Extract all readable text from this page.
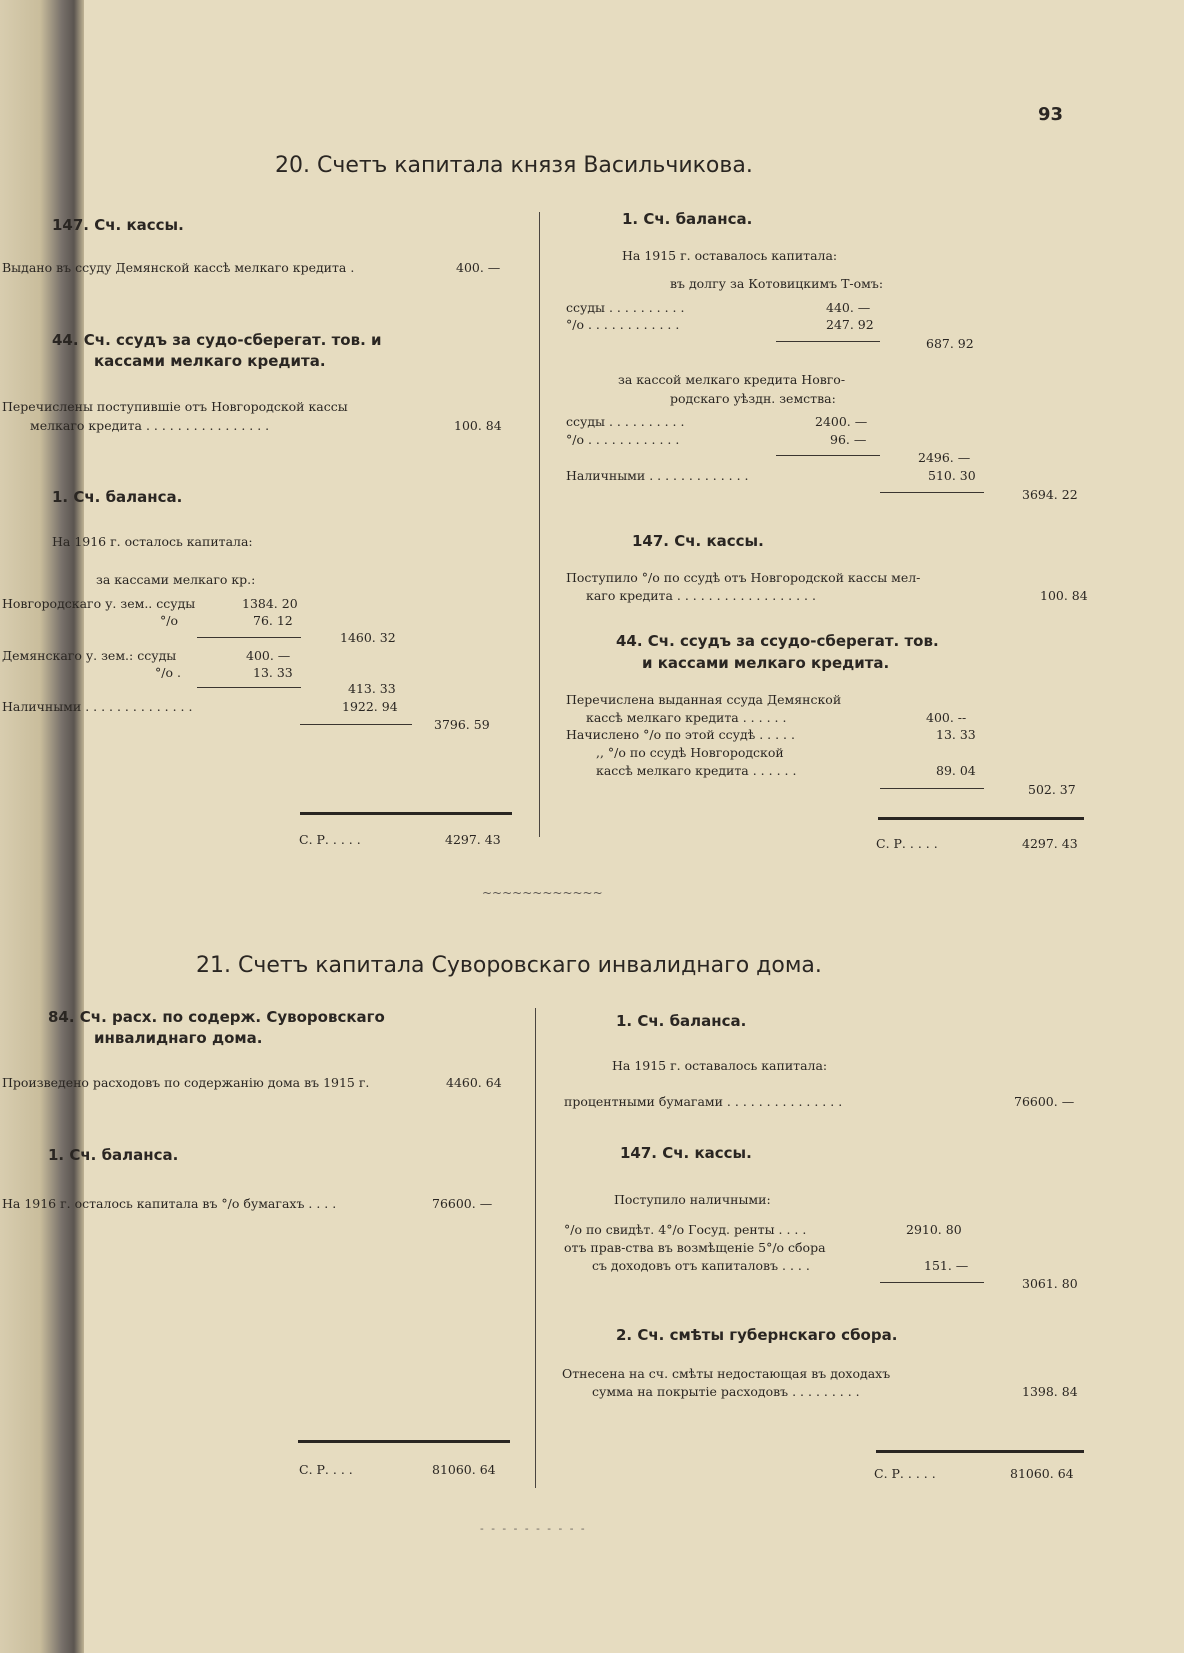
93
20. Счетъ капитала князя Васильчикова.
147. Сч. кассы.
Выдано въ ссуду Демянской кассѣ мелкаго кредита .	400. —
44. Сч. ссудъ за судо-сберегат. тов. и
кассами мелкаго кредита.
Перечислены поступившіе отъ Новгородской кассы
мелкаго кредита . . . . . . . . . . . . . . . .	100. 84
1. Сч. баланса.
На 1916 г. осталось капитала:
за кассами мелкаго кр.:
Новгородскаго у. зем.. ссуды	1384. 20
°/о	76. 12
1460. 32
Демянскаго у. зем.: ссуды	400. —
°/о .	13. 33
413. 33
Наличными . . . . . . . . . . . . . .	1922. 94
3796. 59
С. Р. . . . .	4297. 43
1. Сч. баланса.
На 1915 г. оставалось капитала:
въ долгу за Котовицкимъ Т-омъ:
ссуды . . . . . . . . . .	440. —
°/о . . . . . . . . . . . .	247. 92
687. 92
за кассой мелкаго кредита Новго-
родскаго уѣздн. земства:
ссуды . . . . . . . . . .	2400. —
°/о . . . . . . . . . . . .	96. —
2496. —
Наличными . . . . . . . . . . . . .	510. 30
3694. 22
147. Сч. кассы.
Поступило °/о по ссудѣ отъ Новгородской кассы мел-
каго кредита . . . . . . . . . . . . . . . . . .	100. 84
44. Сч. ссудъ за ссудо-сберегат. тов.
и кассами мелкаго кредита.
Перечислена выданная ссуда Демянской
кассѣ мелкаго кредита . . . . . .	400. --
Начислено °/о по этой ссудѣ . . . . .	13. 33
,, °/о по ссудѣ Новгородской
кассѣ мелкаго кредита . . . . . .	89. 04
502. 37
С. Р. . . . .	4297. 43
~~~~~~~~~~~~
21. Счетъ капитала Суворовскаго инвалиднаго дома.
84. Сч. расх. по содерж. Суворовскаго
инвалиднаго дома.
Произведено расходовъ по содержанію дома въ 1915 г.	4460. 64
1. Сч. баланса.
На 1916 г. осталось капитала въ °/о бумагахъ . . . .	76600. —
С. Р. . . .	81060. 64
1. Сч. баланса.
На 1915 г. оставалось капитала:
процентными бумагами . . . . . . . . . . . . . . .	76600. —
147. Сч. кассы.
Поступило наличными:
°/о по свидѣт. 4°/о Госуд. ренты . . . .	2910. 80
отъ прав-ства въ возмѣщеніе 5°/о сбора
съ доходовъ отъ капиталовъ . . . .	151. —
3061. 80
2. Сч. смѣты губернскаго сбора.
Отнесена на сч. смѣты недостающая въ доходахъ
сумма на покрытіе расходовъ . . . . . . . . .	1398. 84
С. Р. . . . .	81060. 64
- - - - - - - - - -
